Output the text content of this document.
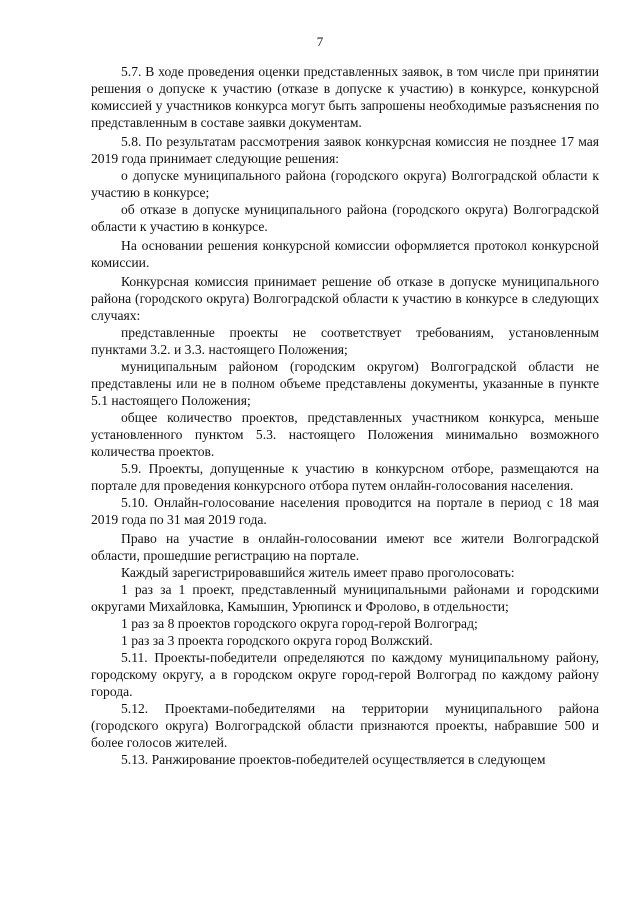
7

5.7. В ходе проведения оценки представленных заявок, в том числе при принятии решения о допуске к участию (отказе в допуске к участию) в конкурсе, конкурсной комиссией у участников конкурса могут быть запрошены необходимые разъяснения по представленным в составе заявки документам.

5.8. По результатам рассмотрения заявок конкурсная комиссия не позднее 17 мая 2019 года принимает следующие решения:

о допуске муниципального района (городского округа) Волгоградской области к участию в конкурсе;

об отказе в допуске муниципального района (городского округа) Волгоградской области к участию в конкурсе.

На основании решения конкурсной комиссии оформляется протокол конкурсной комиссии.

Конкурсная комиссия принимает решение об отказе в допуске муниципального района (городского округа) Волгоградской области к участию в конкурсе в следующих случаях:

представленные проекты не соответствует требованиям, установленным пунктами 3.2. и 3.3. настоящего Положения;

муниципальным районом (городским округом) Волгоградской области не представлены или не в полном объеме представлены документы, указанные в пункте 5.1 настоящего Положения;

общее количество проектов, представленных участником конкурса, меньше установленного пунктом 5.3. настоящего Положения минимально возможного количества проектов.

5.9. Проекты, допущенные к участию в конкурсном отборе, размещаются на портале для проведения конкурсного отбора путем онлайн-голосования населения.

5.10. Онлайн-голосование населения проводится на портале в период с 18 мая 2019 года по 31 мая 2019 года.

Право на участие в онлайн-голосовании имеют все жители Волгоградской области, прошедшие регистрацию на портале.

Каждый зарегистрировавшийся житель имеет право проголосовать:

1 раз за 1 проект, представленный муниципальными районами и городскими округами Михайловка, Камышин, Урюпинск и Фролово, в отдельности;

1 раз за 8 проектов городского округа город-герой Волгоград;

1 раз за 3 проекта городского округа город Волжский.

5.11. Проекты-победители определяются по каждому муниципальному району, городскому округу, а в городском округе город-герой Волгоград по каждому району города.

5.12. Проектами-победителями на территории муниципального района (городского округа) Волгоградской области признаются проекты, набравшие 500 и более голосов жителей.

5.13. Ранжирование проектов-победителей осуществляется в следующем
